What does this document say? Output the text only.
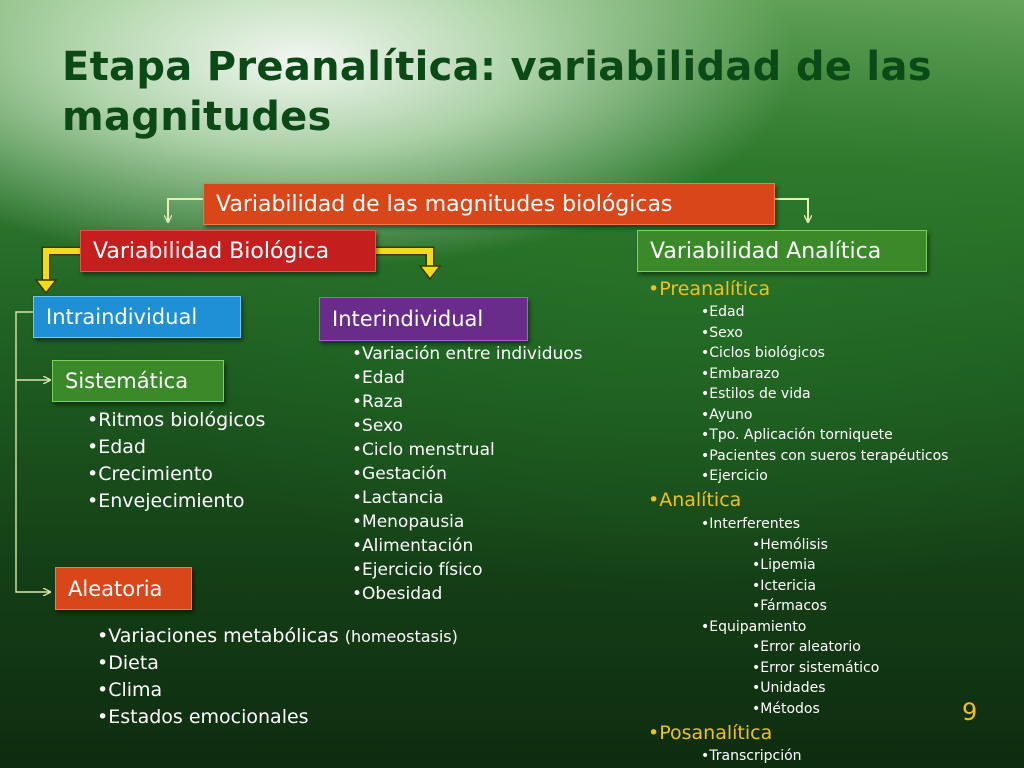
Etapa Preanalítica: variabilidad de las magnitudes
Variabilidad de las magnitudes biológicas
Variabilidad Biológica	Variabilidad Analítica
Intraindividual	Interindividual
Sistemática
Aleatoria
• Ritmos biológicos
• Edad
• Crecimiento
• Envejecimiento
• Variaciones metabólicas (homeostasis)
• Dieta
• Clima
• Estados emocionales
• Variación entre individuos
• Edad
• Raza
• Sexo
• Ciclo menstrual
• Gestación
• Lactancia
• Menopausia
• Alimentación
• Ejercicio físico
• Obesidad
• Preanalítica
• Edad
• Sexo
• Ciclos biológicos
• Embarazo
• Estilos de vida
• Ayuno
• Tpo. Aplicación torniquete
• Pacientes con sueros terapéuticos
• Ejercicio
• Analítica
• Interferentes
• Hemólisis
• Lipemia
• Ictericia
• Fármacos
• Equipamiento
• Error aleatorio
• Error sistemático
• Unidades
• Métodos
• Posanalítica
• Transcripción
9
